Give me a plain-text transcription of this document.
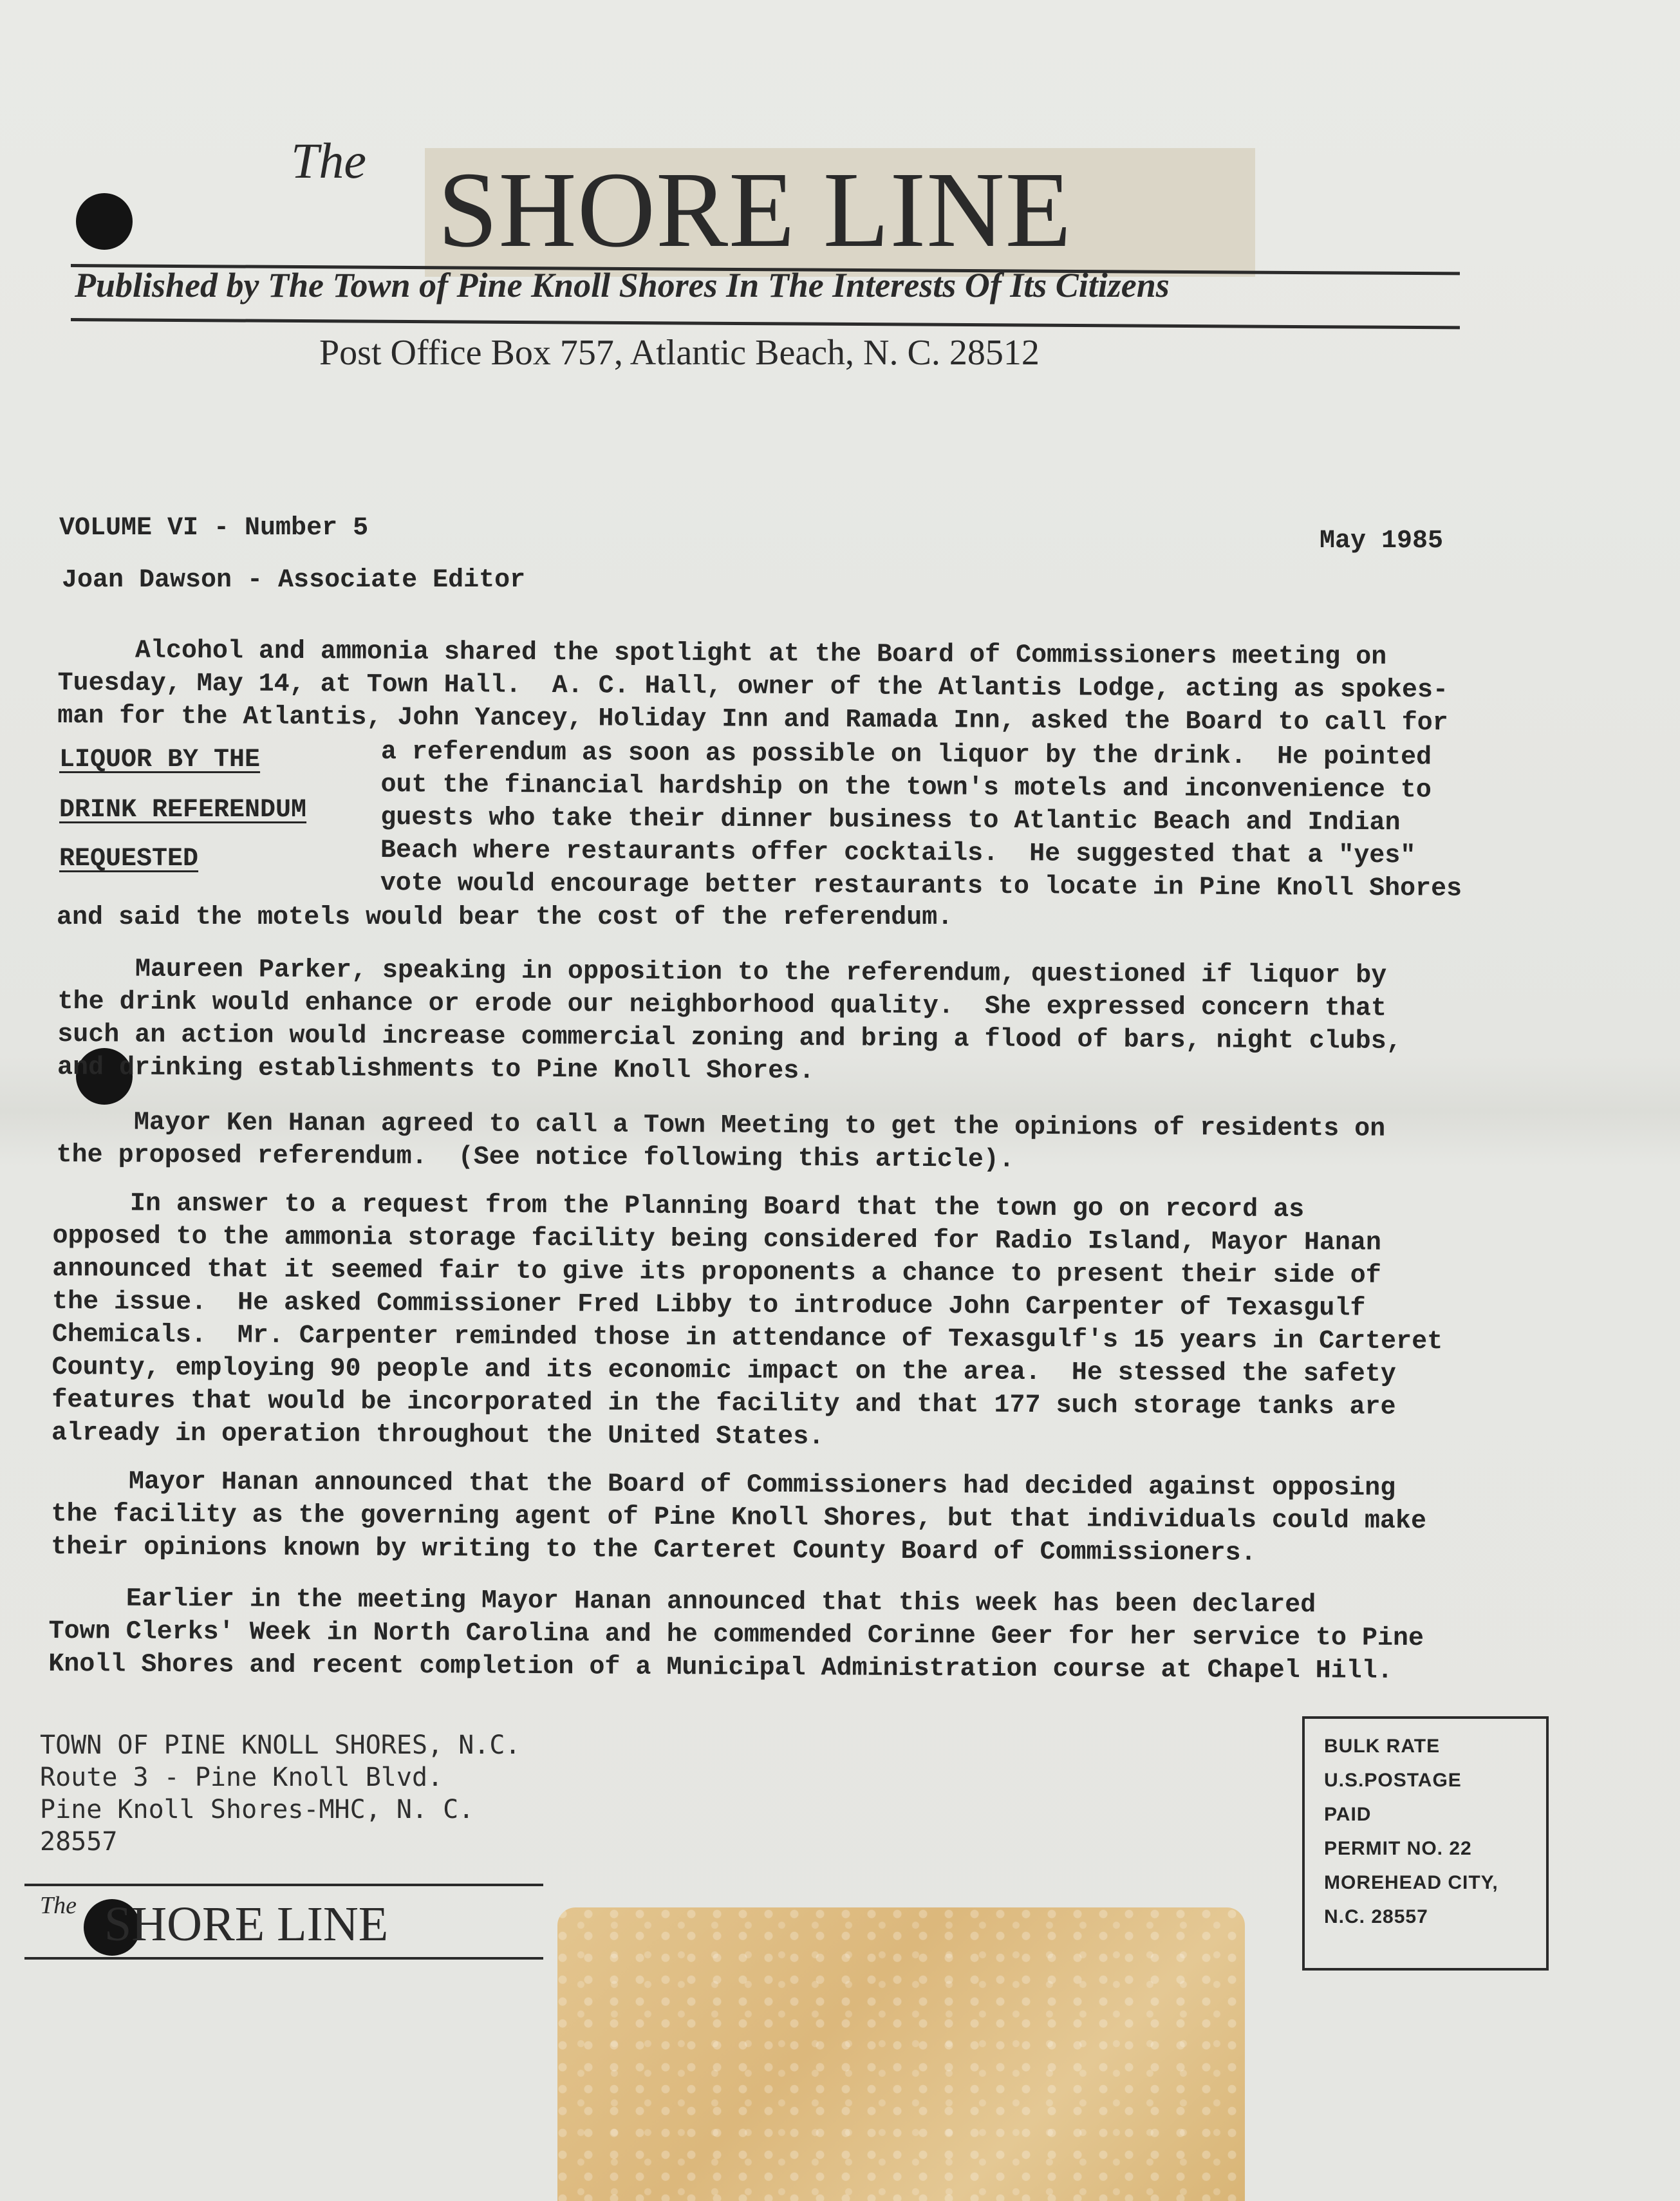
The SHORE LINE
Published by The Town of Pine Knoll Shores In The Interests Of Its Citizens
Post Office Box 757, Atlantic Beach, N. C. 28512
VOLUME VI - Number 5	May 1985
Joan Dawson - Associate Editor

Alcohol and ammonia shared the spotlight at the Board of Commissioners meeting on

Tuesday, May 14, at Town Hall.  A. C. Hall, owner of the Atlantis Lodge, acting as spokes-

man for the Atlantis, John Yancey, Holiday Inn and Ramada Inn, asked the Board to call for

LIQUOR BY THE
DRINK REFERENDUM
REQUESTED

a referendum as soon as possible on liquor by the drink.  He pointed

out the financial hardship on the town's motels and inconvenience to

guests who take their dinner business to Atlantic Beach and Indian

Beach where restaurants offer cocktails.  He suggested that a "yes"

vote would encourage better restaurants to locate in Pine Knoll Shores

and said the motels would bear the cost of the referendum.

Maureen Parker, speaking in opposition to the referendum, questioned if liquor by

the drink would enhance or erode our neighborhood quality.  She expressed concern that

such an action would increase commercial zoning and bring a flood of bars, night clubs,

and drinking establishments to Pine Knoll Shores.

Mayor Ken Hanan agreed to call a Town Meeting to get the opinions of residents on

the proposed referendum.  (See notice following this article).

In answer to a request from the Planning Board that the town go on record as

opposed to the ammonia storage facility being considered for Radio Island, Mayor Hanan

announced that it seemed fair to give its proponents a chance to present their side of

the issue.  He asked Commissioner Fred Libby to introduce John Carpenter of Texasgulf

Chemicals.  Mr. Carpenter reminded those in attendance of Texasgulf's 15 years in Carteret

County, employing 90 people and its economic impact on the area.  He stessed the safety

features that would be incorporated in the facility and that 177 such storage tanks are

already in operation throughout the United States.

Mayor Hanan announced that the Board of Commissioners had decided against opposing

the facility as the governing agent of Pine Knoll Shores, but that individuals could make

their opinions known by writing to the Carteret County Board of Commissioners.

Earlier in the meeting Mayor Hanan announced that this week has been declared

Town Clerks' Week in North Carolina and he commended Corinne Geer for her service to Pine

Knoll Shores and recent completion of a Municipal Administration course at Chapel Hill.

TOWN OF PINE KNOLL SHORES, N.C.
Route 3 - Pine Knoll Blvd.
Pine Knoll Shores-MHC, N. C.
28557
The SHORE LINE
BULK RATE
U.S.POSTAGE
PAID
PERMIT NO. 22
MOREHEAD CITY,
N.C. 28557
